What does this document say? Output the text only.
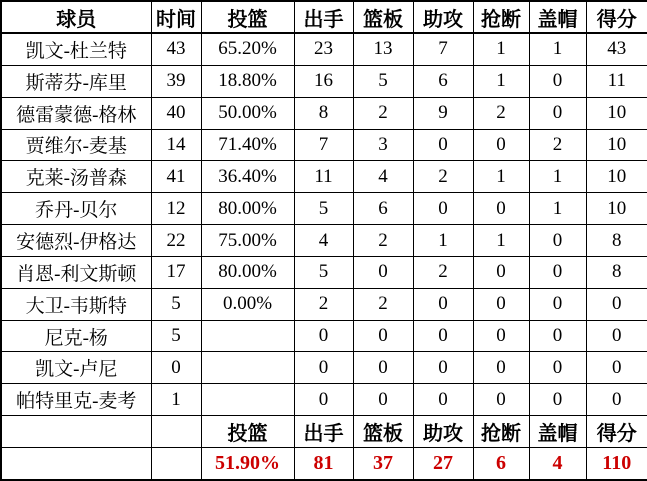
球员	时间	投篮	出手	篮板	助攻	抢断	盖帽	得分
凯文-杜兰特	43	65.20%	23	13	7	1	1	43
斯蒂芬-库里	39	18.80%	16	5	6	1	0	11
德雷蒙德-格林	40	50.00%	8	2	9	2	0	10
贾维尔-麦基	14	71.40%	7	3	0	0	2	10
克莱-汤普森	41	36.40%	11	4	2	1	1	10
乔丹-贝尔	12	80.00%	5	6	0	0	1	10
安德烈-伊格达	22	75.00%	4	2	1	1	0	8
肖恩-利文斯顿	17	80.00%	5	0	2	0	0	8
大卫-韦斯特	5	0.00%	2	2	0	0	0	0
尼克-杨	5		0	0	0	0	0	0
凯文-卢尼	0		0	0	0	0	0	0
帕特里克-麦考	1		0	0	0	0	0	0
		投篮	出手	篮板	助攻	抢断	盖帽	得分
		51.90%	81	37	27	6	4	110
